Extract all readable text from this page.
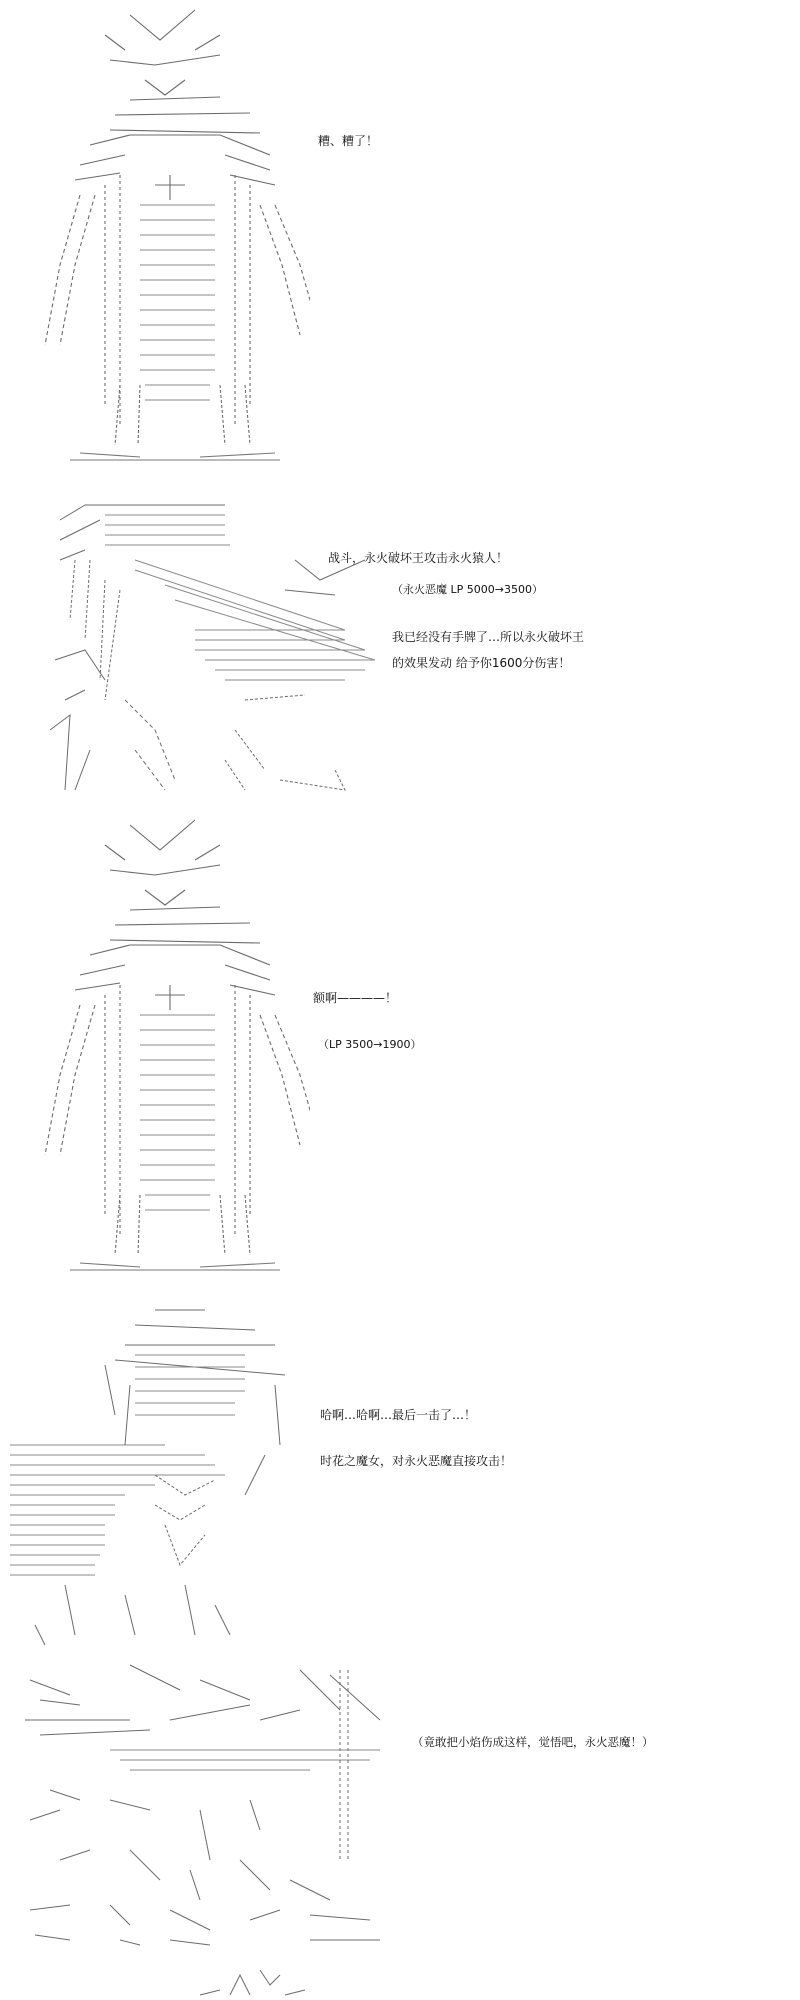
糟、糟了！
战斗，永火破坏王攻击永火猿人！
（永火恶魔 LP 5000→3500）
我已经没有手牌了…所以永火破坏王
的效果发动 给予你1600分伤害！
额啊————！
（LP 3500→1900）
哈啊…哈啊…最后一击了…！
时花之魔女，对永火恶魔直接攻击！
（竟敢把小焰伤成这样，觉悟吧，永火恶魔！）
